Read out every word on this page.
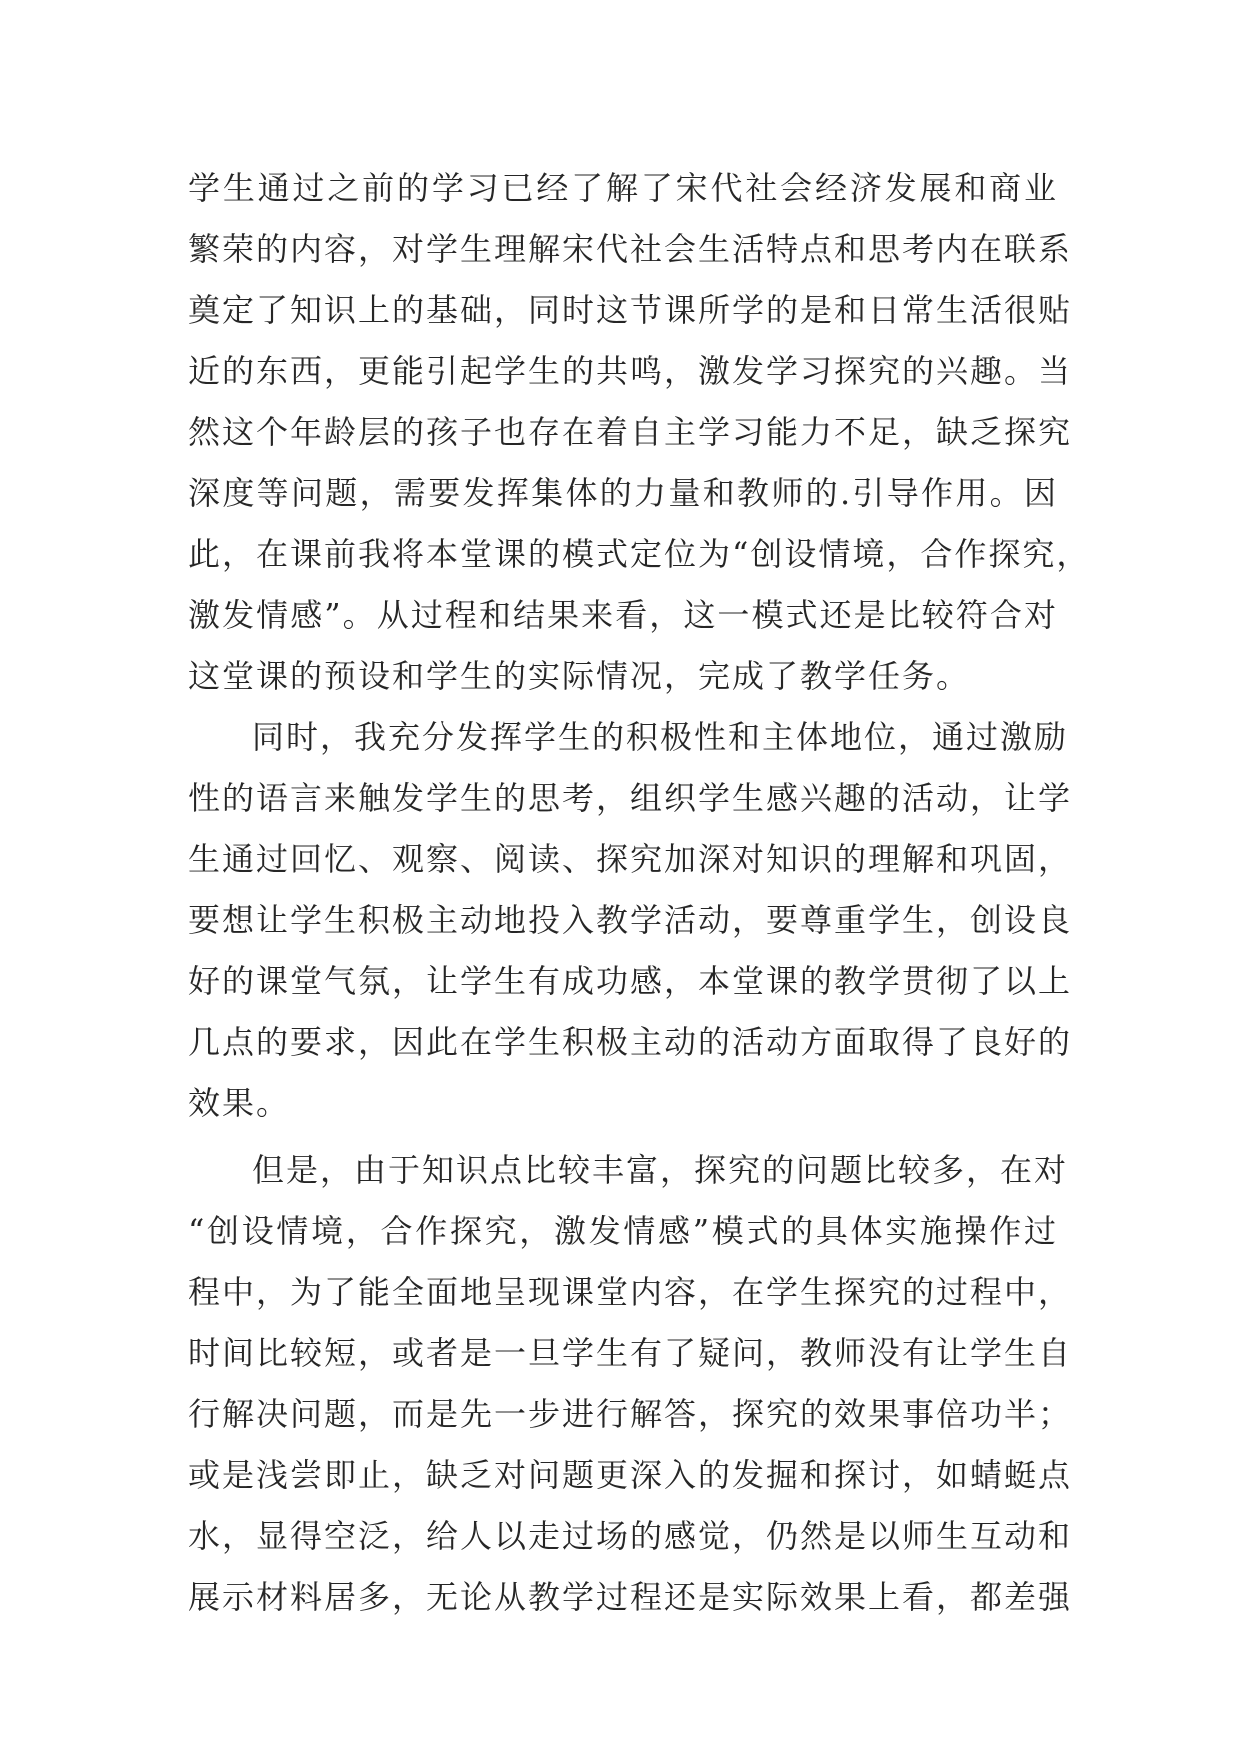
学生通过之前的学习已经了解了宋代社会经济发展和商业
繁荣的内容，对学生理解宋代社会生活特点和思考内在联系
奠定了知识上的基础，同时这节课所学的是和日常生活很贴
近的东西，更能引起学生的共鸣，激发学习探究的兴趣。当
然这个年龄层的孩子也存在着自主学习能力不足，缺乏探究
深度等问题，需要发挥集体的力量和教师的.引导作用。因
此，在课前我将本堂课的模式定位为“创设情境，合作探究，
激发情感”。从过程和结果来看，这一模式还是比较符合对
这堂课的预设和学生的实际情况，完成了教学任务。
同时，我充分发挥学生的积极性和主体地位，通过激励
性的语言来触发学生的思考，组织学生感兴趣的活动，让学
生通过回忆、观察、阅读、探究加深对知识的理解和巩固，
要想让学生积极主动地投入教学活动，要尊重学生，创设良
好的课堂气氛，让学生有成功感，本堂课的教学贯彻了以上
几点的要求，因此在学生积极主动的活动方面取得了良好的
效果。
但是，由于知识点比较丰富，探究的问题比较多，在对
“创设情境，合作探究，激发情感”模式的具体实施操作过
程中，为了能全面地呈现课堂内容，在学生探究的过程中，
时间比较短，或者是一旦学生有了疑问，教师没有让学生自
行解决问题，而是先一步进行解答，探究的效果事倍功半；
或是浅尝即止，缺乏对问题更深入的发掘和探讨，如蜻蜓点
水，显得空泛，给人以走过场的感觉，仍然是以师生互动和
展示材料居多，无论从教学过程还是实际效果上看，都差强
